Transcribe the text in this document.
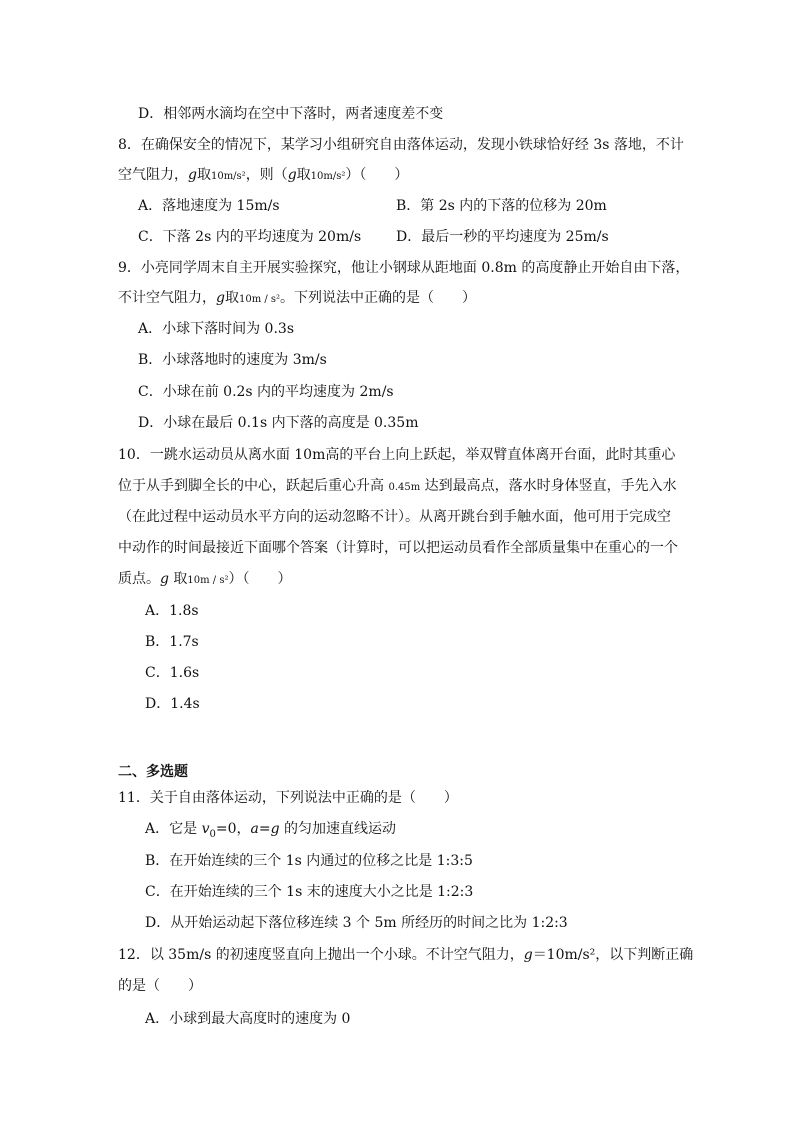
D．相邻两水滴均在空中下落时，两者速度差不变
8．在确保安全的情况下，某学习小组研究自由落体运动，发现小铁球恰好经 3s 落地，不计
空气阻力，g取10m/s²，则（g取10m/s²）（　　）
A．落地速度为 15m/s	B．第 2s 内的下落的位移为 20m
C．下落 2s 内的平均速度为 20m/s D．最后一秒的平均速度为 25m/s
9．小亮同学周末自主开展实验探究，他让小钢球从距地面 0.8m 的高度静止开始自由下落，
不计空气阻力，g取10m / s²。下列说法中正确的是（　　）
A．小球下落时间为 0.3s
B．小球落地时的速度为 3m/s
C．小球在前 0.2s 内的平均速度为 2m/s
D．小球在最后 0.1s 内下落的高度是 0.35m
10．一跳水运动员从离水面 10m高的平台上向上跃起，举双臂直体离开台面，此时其重心
位于从手到脚全长的中心，跃起后重心升高 0.45m 达到最高点，落水时身体竖直，手先入水
（在此过程中运动员水平方向的运动忽略不计）。从离开跳台到手触水面，他可用于完成空
中动作的时间最接近下面哪个答案（计算时，可以把运动员看作全部质量集中在重心的一个
质点。g 取10m / s²）（　　）
A．1.8s
B．1.7s
C．1.6s
D．1.4s
二、多选题
11．关于自由落体运动，下列说法中正确的是（　　）
A．它是 $v_0=0$，a=g 的匀加速直线运动
B．在开始连续的三个 1s 内通过的位移之比是 1:3:5
C．在开始连续的三个 1s 末的速度大小之比是 1:2:3
D．从开始运动起下落位移连续 3 个 5m 所经历的时间之比为 1:2:3
12．以 35m/s 的初速度竖直向上抛出一个小球。不计空气阻力，g＝10m/s²，以下判断正确
的是（　　）
A．小球到最大高度时的速度为 0
